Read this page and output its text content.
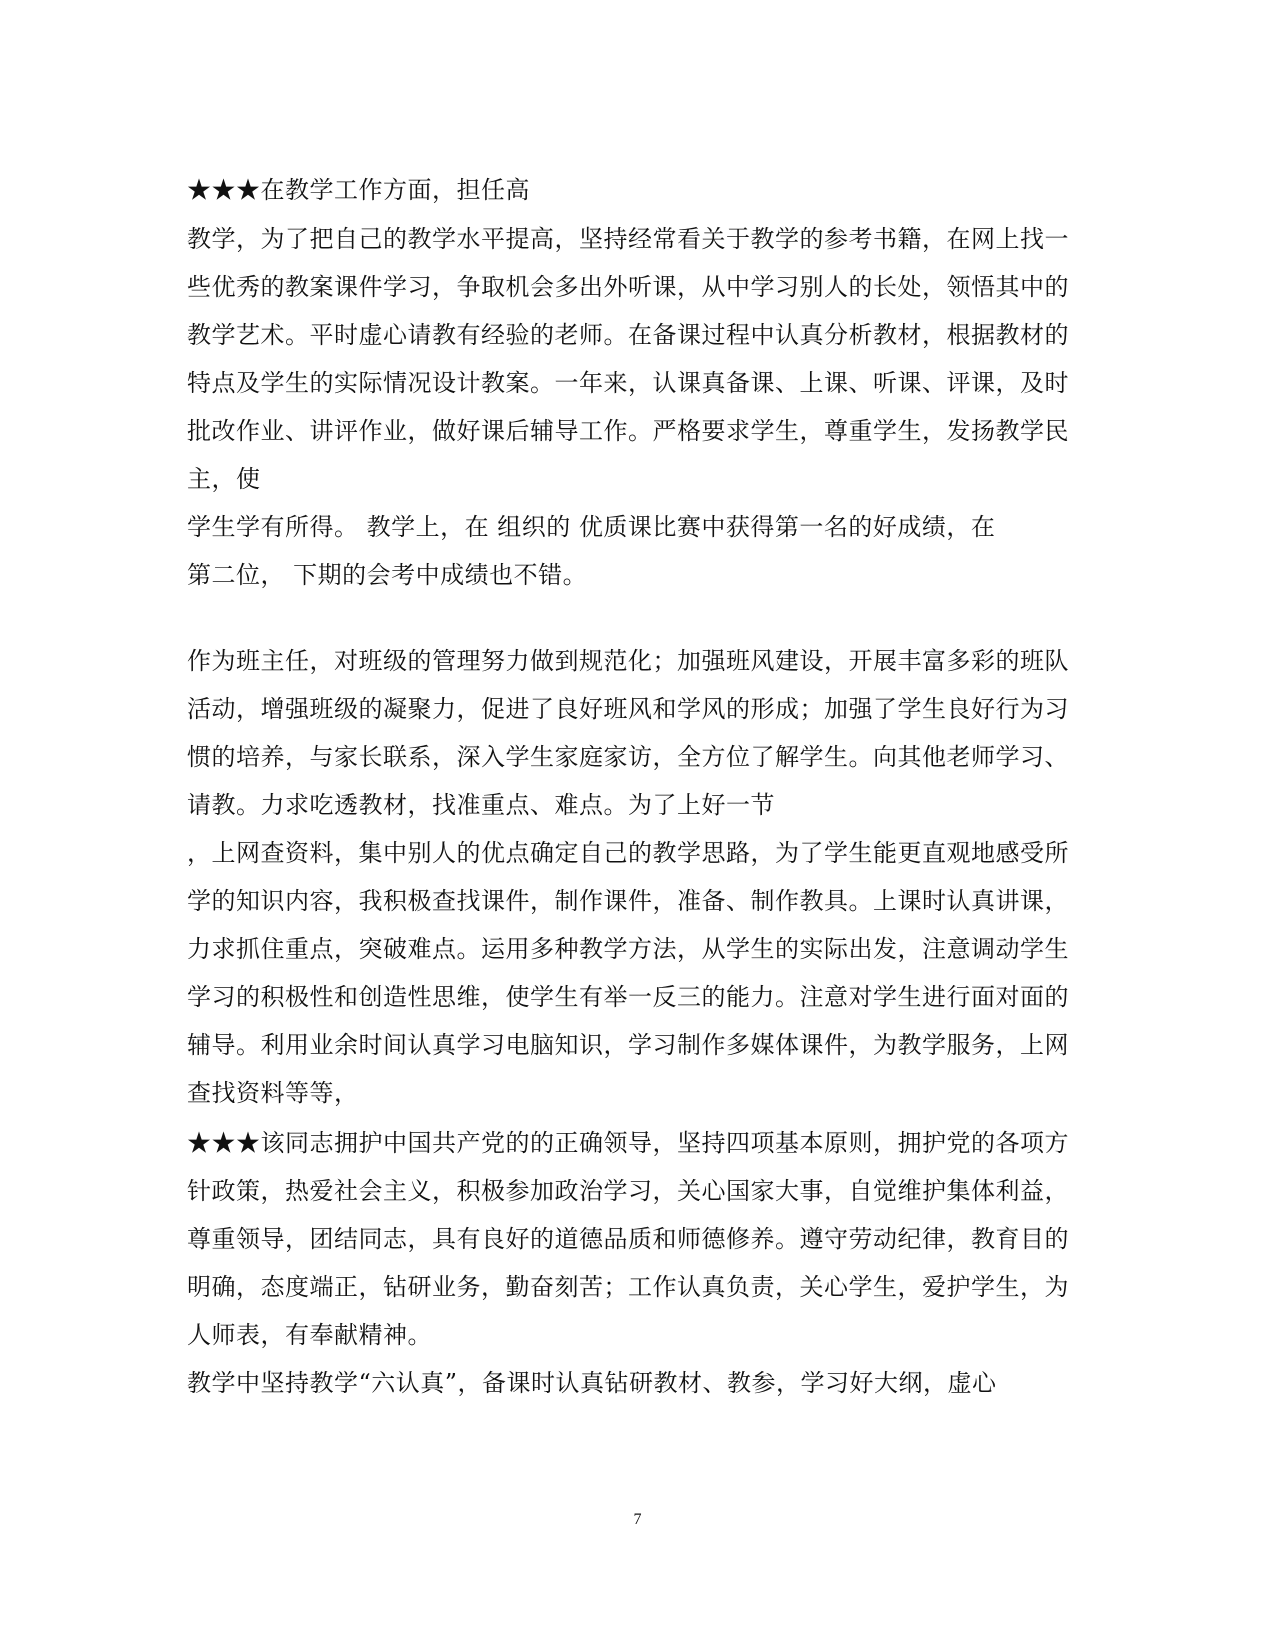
★★★在教学工作方面，担任高
教学，为了把自己的教学水平提高，坚持经常看关于教学的参考书籍，在网上找一
些优秀的教案课件学习，争取机会多出外听课，从中学习别人的长处，领悟其中的
教学艺术。平时虚心请教有经验的老师。在备课过程中认真分析教材，根据教材的
特点及学生的实际情况设计教案。一年来，认课真备课、上课、听课、评课，及时
批改作业、讲评作业，做好课后辅导工作。严格要求学生，尊重学生，发扬教学民
主，使
学生学有所得。 教学上，在 组织的 优质课比赛中获得第一名的好成绩，在
第二位， 下期的会考中成绩也不错。
作为班主任，对班级的管理努力做到规范化；加强班风建设，开展丰富多彩的班队
活动，增强班级的凝聚力，促进了良好班风和学风的形成；加强了学生良好行为习
惯的培养，与家长联系，深入学生家庭家访，全方位了解学生。向其他老师学习、
请教。力求吃透教材，找准重点、难点。为了上好一节
，上网查资料，集中别人的优点确定自己的教学思路，为了学生能更直观地感受所
学的知识内容，我积极查找课件，制作课件，准备、制作教具。上课时认真讲课，
力求抓住重点，突破难点。运用多种教学方法，从学生的实际出发，注意调动学生
学习的积极性和创造性思维，使学生有举一反三的能力。注意对学生进行面对面的
辅导。利用业余时间认真学习电脑知识，学习制作多媒体课件，为教学服务，上网
查找资料等等，
★★★该同志拥护中国共产党的的正确领导，坚持四项基本原则，拥护党的各项方
针政策，热爱社会主义，积极参加政治学习，关心国家大事，自觉维护集体利益，
尊重领导，团结同志，具有良好的道德品质和师德修养。遵守劳动纪律，教育目的
明确，态度端正，钻研业务，勤奋刻苦；工作认真负责，关心学生，爱护学生，为
人师表，有奉献精神。
教学中坚持教学“六认真”，备课时认真钻研教材、教参，学习好大纲，虚心
7
